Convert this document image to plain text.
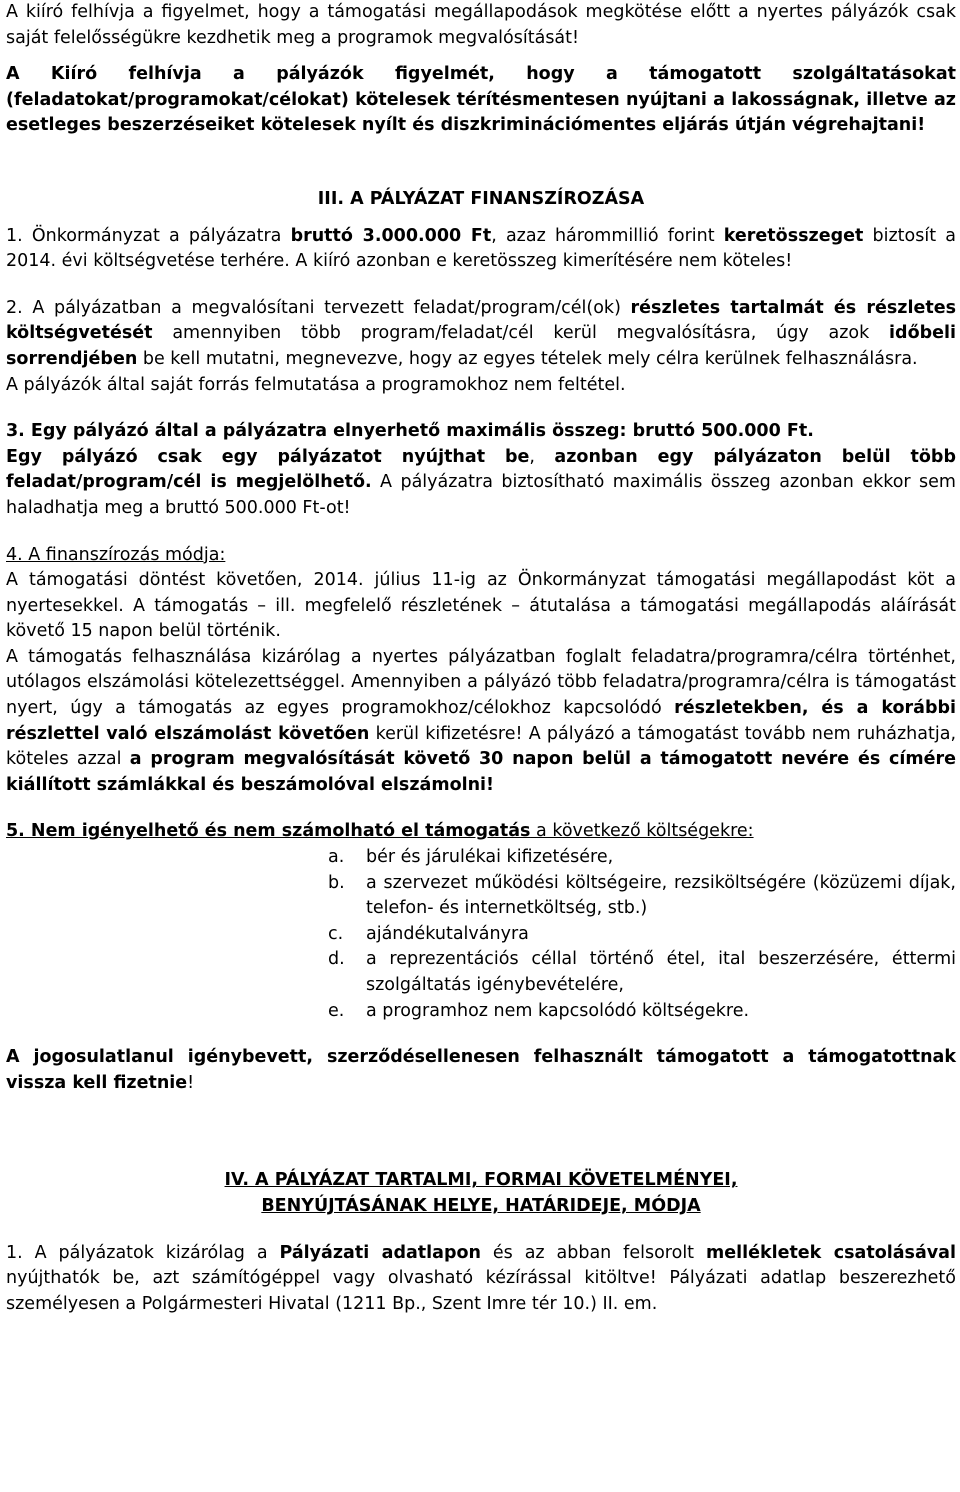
A kiíró felhívja a figyelmet, hogy a támogatási megállapodások megkötése előtt a nyertes pályázók csak saját felelősségükre kezdhetik meg a programok megvalósítását!

A Kiíró felhívja a pályázók figyelmét, hogy a támogatott szolgáltatásokat (feladatokat/programokat/célokat) kötelesek térítésmentesen nyújtani a lakosságnak, illetve az esetleges beszerzéseiket kötelesek nyílt és diszkriminációmentes eljárás útján végrehajtani!

III. A PÁLYÁZAT FINANSZÍROZÁSA

1. Önkormányzat a pályázatra bruttó 3.000.000 Ft, azaz hárommillió forint keretösszeget biztosít a 2014. évi költségvetése terhére. A kiíró azonban e keretösszeg kimerítésére nem köteles!

2. A pályázatban a megvalósítani tervezett feladat/program/cél(ok) részletes tartalmát és részletes költségvetését amennyiben több program/feladat/cél kerül megvalósításra, úgy azok időbeli sorrendjében be kell mutatni, megnevezve, hogy az egyes tételek mely célra kerülnek felhasználásra.

A pályázók által saját forrás felmutatása a programokhoz nem feltétel.

3. Egy pályázó által a pályázatra elnyerhető maximális összeg: bruttó 500.000 Ft.

Egy pályázó csak egy pályázatot nyújthat be, azonban egy pályázaton belül több feladat/program/cél is megjelölhető. A pályázatra biztosítható maximális összeg azonban ekkor sem haladhatja meg a bruttó 500.000 Ft-ot!

4. A finanszírozás módja:

A támogatási döntést követően, 2014. július 11-ig az Önkormányzat támogatási megállapodást köt a nyertesekkel. A támogatás – ill. megfelelő részletének – átutalása a támogatási megállapodás aláírását követő 15 napon belül történik.

A támogatás felhasználása kizárólag a nyertes pályázatban foglalt feladatra/programra/célra történhet, utólagos elszámolási kötelezettséggel. Amennyiben a pályázó több feladatra/programra/célra is támogatást nyert, úgy a támogatás az egyes programokhoz/célokhoz kapcsolódó részletekben, és a korábbi részlettel való elszámolást követően kerül kifizetésre! A pályázó a támogatást tovább nem ruházhatja, köteles azzal a program megvalósítását követő 30 napon belül a támogatott nevére és címére kiállított számlákkal és beszámolóval elszámolni!

5. Nem igényelhető és nem számolható el támogatás a következő költségekre:

a.	bér és járulékai kifizetésére,
b.	a szervezet működési költségeire, rezsiköltségére (közüzemi díjak, telefon- és internetköltség, stb.)
c.	ajándékutalványra
d.	a reprezentációs céllal történő étel, ital beszerzésére, éttermi szolgáltatás igénybevételére,
e.	a programhoz nem kapcsolódó költségekre.

A jogosulatlanul igénybevett, szerződésellenesen felhasznált támogatott a támogatottnak vissza kell fizetnie!

IV. A PÁLYÁZAT TARTALMI, FORMAI KÖVETELMÉNYEI,

BENYÚJTÁSÁNAK HELYE, HATÁRIDEJE, MÓDJA

1. A pályázatok kizárólag a Pályázati adatlapon és az abban felsorolt mellékletek csatolásával nyújthatók be, azt számítógéppel vagy olvasható kézírással kitöltve! Pályázati adatlap beszerezhető személyesen a Polgármesteri Hivatal (1211 Bp., Szent Imre tér 10.) II. em.
